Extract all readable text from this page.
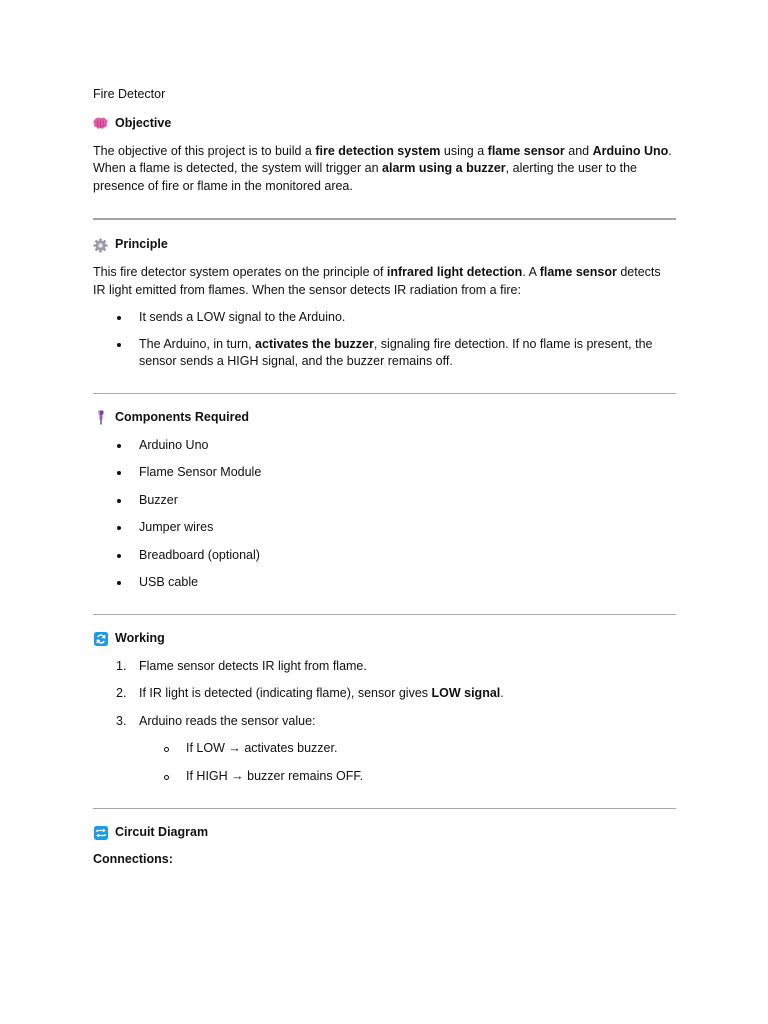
Fire Detector
Objective

The objective of this project is to build a fire detection system using a flame sensor and Arduino Uno. When a flame is detected, the system will trigger an alarm using a buzzer, alerting the user to the presence of fire or flame in the monitored area.

Principle

This fire detector system operates on the principle of infrared light detection. A flame sensor detects IR light emitted from flames. When the sensor detects IR radiation from a fire:

It sends a LOW signal to the Arduino.
The Arduino, in turn, activates the buzzer, signaling fire detection. If no flame is present, the sensor sends a HIGH signal, and the buzzer remains off.
Components Required
Arduino Uno
Flame Sensor Module
Buzzer
Jumper wires
Breadboard (optional)
USB cable
Working
1. Flame sensor detects IR light from flame.
2. If IR light is detected (indicating flame), sensor gives LOW signal.
3. Arduino reads the sensor value:
If LOW → activates buzzer.
If HIGH → buzzer remains OFF.
Circuit Diagram
Connections:
